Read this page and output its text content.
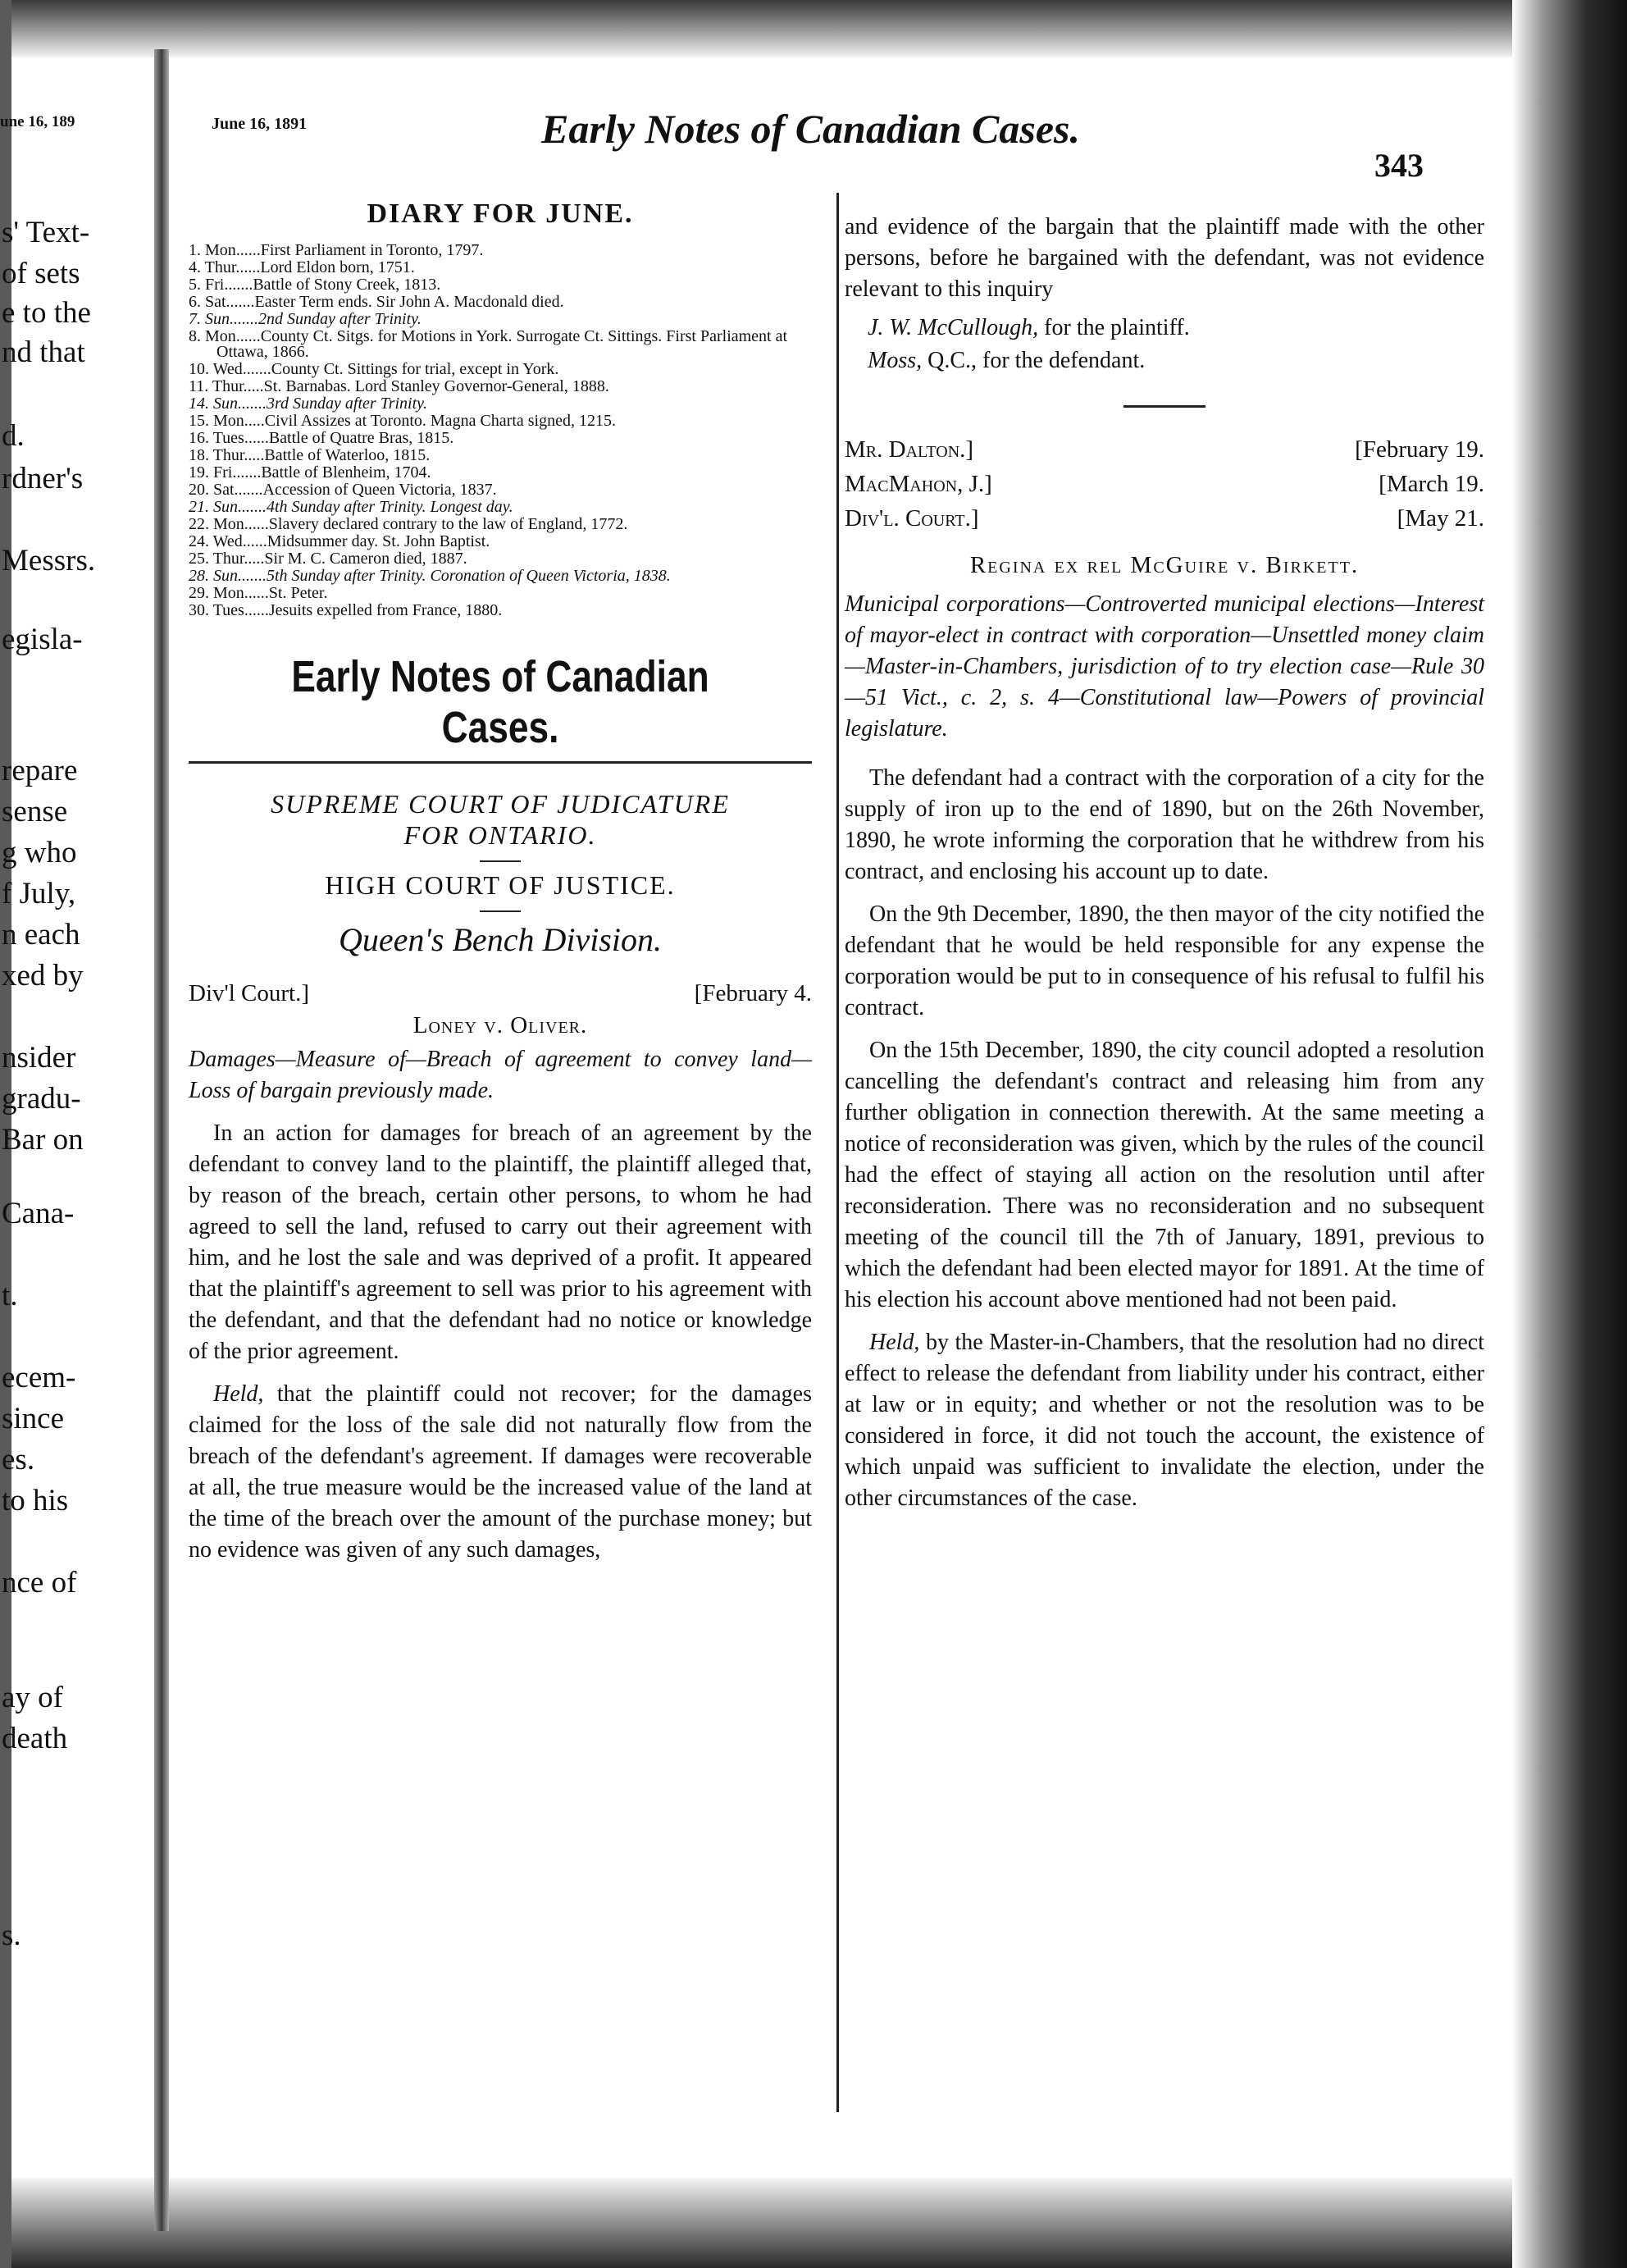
une 16, 189
s' Text-
of sets
e to the
nd that
d.
rdner's
Messrs.
egisla-
repare
sense
g who
f July,
n each
xed by
nsider
gradu-
Bar on
Cana-
t.
ecem-
since
es.
to his
nce of
ay of
death
s.
June 16, 1891	Early Notes of Canadian Cases.
343
DIARY FOR JUNE.
1. Mon......First Parliament in Toronto, 1797.
4. Thur......Lord Eldon born, 1751.
5. Fri.......Battle of Stony Creek, 1813.
6. Sat.......Easter Term ends. Sir John A. Macdonald died.
7. Sun.......2nd Sunday after Trinity.
8. Mon......County Ct. Sitgs. for Motions in York. Surrogate Ct. Sittings. First Parliament at Ottawa, 1866.
10. Wed.......County Ct. Sittings for trial, except in York.
11. Thur.....St. Barnabas. Lord Stanley Governor-General, 1888.
14. Sun.......3rd Sunday after Trinity.
15. Mon.....Civil Assizes at Toronto. Magna Charta signed, 1215.
16. Tues......Battle of Quatre Bras, 1815.
18. Thur.....Battle of Waterloo, 1815.
19. Fri.......Battle of Blenheim, 1704.
20. Sat.......Accession of Queen Victoria, 1837.
21. Sun.......4th Sunday after Trinity. Longest day.
22. Mon......Slavery declared contrary to the law of England, 1772.
24. Wed......Midsummer day. St. John Baptist.
25. Thur.....Sir M. C. Cameron died, 1887.
28. Sun.......5th Sunday after Trinity. Coronation of Queen Victoria, 1838.
29. Mon......St. Peter.
30. Tues......Jesuits expelled from France, 1880.
Early Notes of Canadian Cases.
SUPREME COURT OF JUDICATURE
FOR ONTARIO.
HIGH COURT OF JUSTICE.
Queen's Bench Division.
Div'l Court.]	[February 4.
Loney v. Oliver.
Damages—Measure of—Breach of agreement to convey land—Loss of bargain previously made.

In an action for damages for breach of an agreement by the defendant to convey land to the plaintiff, the plaintiff alleged that, by reason of the breach, certain other persons, to whom he had agreed to sell the land, refused to carry out their agreement with him, and he lost the sale and was deprived of a profit. It appeared that the plaintiff's agreement to sell was prior to his agreement with the defendant, and that the defendant had no notice or knowledge of the prior agreement.

Held, that the plaintiff could not recover; for the damages claimed for the loss of the sale did not naturally flow from the breach of the defendant's agreement. If damages were recoverable at all, the true measure would be the increased value of the land at the time of the breach over the amount of the purchase money; but no evidence was given of any such damages,

and evidence of the bargain that the plaintiff made with the other persons, before he bargained with the defendant, was not evidence relevant to this inquiry

J. W. McCullough, for the plaintiff.
Moss, Q.C., for the defendant.
Mr. Dalton.]
MacMahon, J.]
Div'l. Court.]
[February 19.
[March 19.
[May 21.
Regina ex rel McGuire v. Birkett.
Municipal corporations—Controverted municipal elections—Interest of mayor-elect in contract with corporation—Unsettled money claim—Master-in-Chambers, jurisdiction of to try election case—Rule 30—51 Vict., c. 2, s. 4—Constitutional law—Powers of provincial legislature.

The defendant had a contract with the corporation of a city for the supply of iron up to the end of 1890, but on the 26th November, 1890, he wrote informing the corporation that he withdrew from his contract, and enclosing his account up to date.

On the 9th December, 1890, the then mayor of the city notified the defendant that he would be held responsible for any expense the corporation would be put to in consequence of his refusal to fulfil his contract.

On the 15th December, 1890, the city council adopted a resolution cancelling the defendant's contract and releasing him from any further obligation in connection therewith. At the same meeting a notice of reconsideration was given, which by the rules of the council had the effect of staying all action on the resolution until after reconsideration. There was no reconsideration and no subsequent meeting of the council till the 7th of January, 1891, previous to which the defendant had been elected mayor for 1891. At the time of his election his account above mentioned had not been paid.

Held, by the Master-in-Chambers, that the resolution had no direct effect to release the defendant from liability under his contract, either at law or in equity; and whether or not the resolution was to be considered in force, it did not touch the account, the existence of which unpaid was sufficient to invalidate the election, under the other circumstances of the case.
